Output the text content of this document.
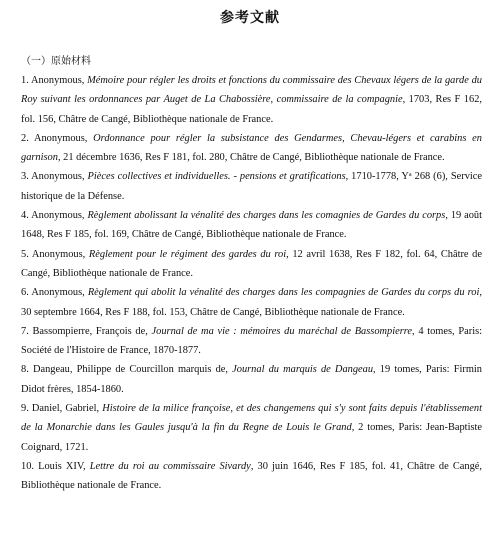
参考文献
（一）原始材料

1. Anonymous, Mémoire pour régler les droits et fonctions du commissaire des Chevaux légers de la garde du Roy suivant les ordonnances par Auget de La Chabossière, commissaire de la compagnie, 1703, Res F 162, fol. 156, Châtre de Cangé, Bibliothèque nationale de France.

2. Anonymous, Ordonnance pour régler la subsistance des Gendarmes, Chevau-légers et carabins en garnison, 21 décembre 1636, Res F 181, fol. 280, Châtre de Cangé, Bibliothèque nationale de France.

3. Anonymous, Pièces collectives et individuelles. - pensions et gratifications, 1710-1778, Yᵃ 268 (6), Service historique de la Défense.

4. Anonymous, Règlement abolissant la vénalité des charges dans les comagnies de Gardes du corps, 19 août 1648, Res F 185, fol. 169, Châtre de Cangé, Bibliothèque nationale de France.

5. Anonymous, Règlement pour le régiment des gardes du roi, 12 avril 1638, Res F 182, fol. 64, Châtre de Cangé, Bibliothèque nationale de France.

6. Anonymous, Règlement qui abolit la vénalité des charges dans les compagnies de Gardes du corps du roi, 30 septembre 1664, Res F 188, fol. 153, Châtre de Cangé, Bibliothèque nationale de France.

7. Bassompierre, François de, Journal de ma vie : mémoires du maréchal de Bassompierre, 4 tomes, Paris: Société de l'Histoire de France, 1870-1877.

8. Dangeau, Philippe de Courcillon marquis de, Journal du marquis de Dangeau, 19 tomes, Paris: Firmin Didot frères, 1854-1860.

9. Daniel, Gabriel, Histoire de la milice françoise, et des changemens qui s'y sont faits depuis l'établissement de la Monarchie dans les Gaules jusqu'à la fin du Regne de Louis le Grand, 2 tomes, Paris: Jean-Baptiste Coignard, 1721.

10. Louis XIV, Lettre du roi au commissaire Sivardy, 30 juin 1646, Res F 185, fol. 41, Châtre de Cangé, Bibliothèque nationale de France.
